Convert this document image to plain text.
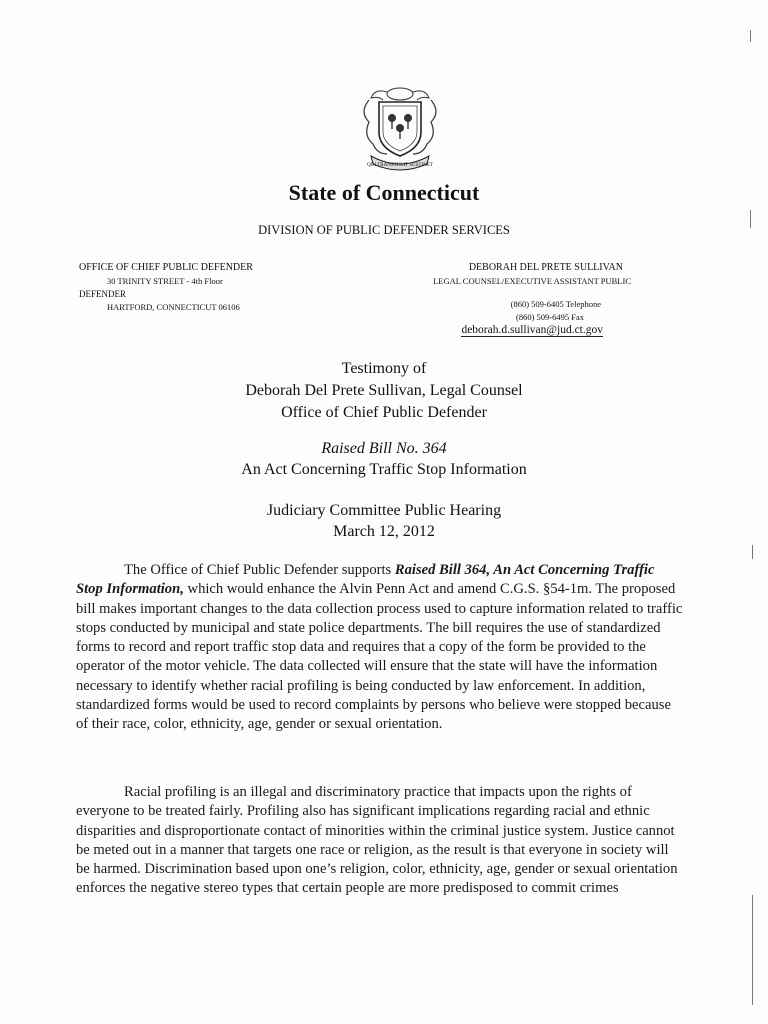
QUI TRANSTULIT SUSTINET
State of Connecticut
DIVISION OF PUBLIC DEFENDER SERVICES
OFFICE OF CHIEF PUBLIC DEFENDER
30 TRINITY STREET - 4th Floor
DEFENDER
HARTFORD, CONNECTICUT 06106
DEBORAH DEL PRETE SULLIVAN
LEGAL COUNSEL/EXECUTIVE ASSISTANT PUBLIC
(860) 509-6405 Telephone
(860) 509-6495 Fax
deborah.d.sullivan@jud.ct.gov
Testimony of
Deborah Del Prete Sullivan, Legal Counsel
Office of Chief Public Defender
Raised Bill No. 364
An Act Concerning Traffic Stop Information
Judiciary Committee Public Hearing
March 12, 2012

The Office of Chief Public Defender supports Raised Bill 364, An Act Concerning Traffic Stop Information, which would enhance the Alvin Penn Act and amend C.G.S. §54-1m. The proposed bill makes important changes to the data collection process used to capture information related to traffic stops conducted by municipal and state police departments. The bill requires the use of standardized forms to record and report traffic stop data and requires that a copy of the form be provided to the operator of the motor vehicle. The data collected will ensure that the state will have the information necessary to identify whether racial profiling is being conducted by law enforcement. In addition, standardized forms would be used to record complaints by persons who believe were stopped because of their race, color, ethnicity, age, gender or sexual orientation.

Racial profiling is an illegal and discriminatory practice that impacts upon the rights of everyone to be treated fairly. Profiling also has significant implications regarding racial and ethnic disparities and disproportionate contact of minorities within the criminal justice system. Justice cannot be meted out in a manner that targets one race or religion, as the result is that everyone in society will be harmed. Discrimination based upon one’s religion, color, ethnicity, age, gender or sexual orientation enforces the negative stereo types that certain people are more predisposed to commit crimes
